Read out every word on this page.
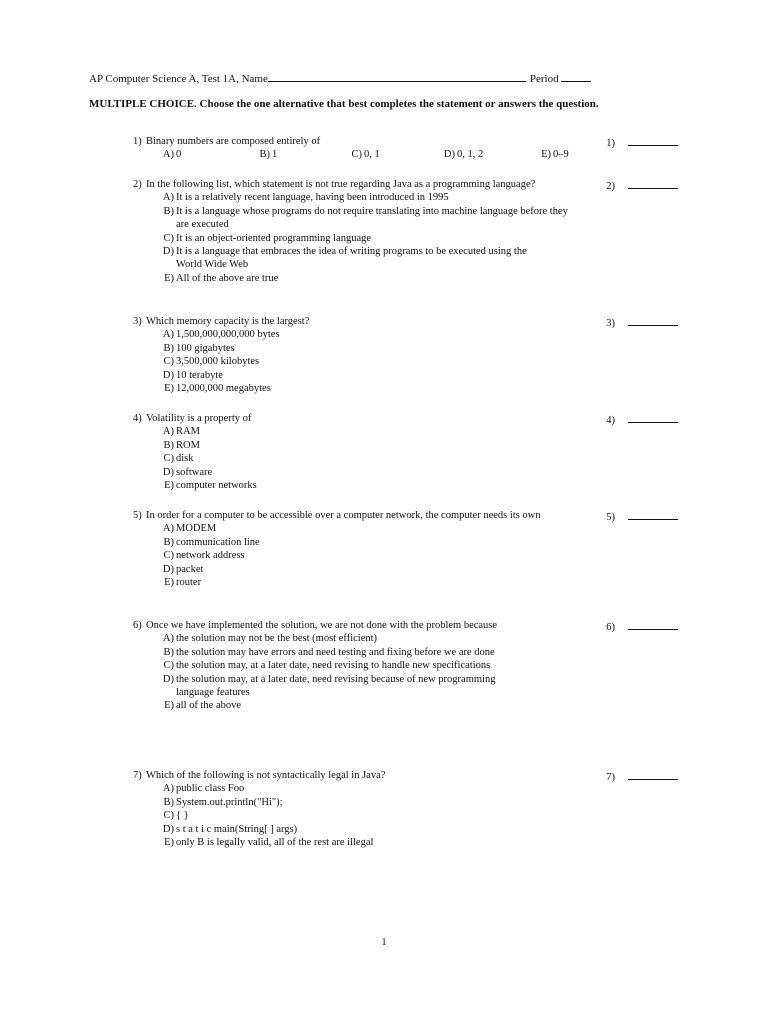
AP Computer Science A, Test 1A, Name	Period
MULTIPLE CHOICE. Choose the one alternative that best completes the statement or answers the question.
1) Binary numbers are composed entirely of	1)
A) 0	B) 1	C) 0, 1	D) 0, 1, 2	E) 0–9
2) In the following list, which statement is not true regarding Java as a programming language?	2)
A) It is a relatively recent language, having been introduced in 1995
B) It is a language whose programs do not require translating into machine language before they are executed
C) It is an object-oriented programming language
D) It is a language that embraces the idea of writing programs to be executed using the World Wide Web
E) All of the above are true
3) Which memory capacity is the largest?	3)
A) 1,500,000,000,000 bytes
B) 100 gigabytes
C) 3,500,000 kilobytes
D) 10 terabyte
E) 12,000,000 megabytes
4) Volatility is a property of	4)
A) RAM
B) ROM
C) disk
D) software
E) computer networks
5) In order for a computer to be accessible over a computer network, the computer needs its own	5)
A) MODEM
B) communication line
C) network address
D) packet
E) router
6) Once we have implemented the solution, we are not done with the problem because	6)
A) the solution may not be the best (most efficient)
B) the solution may have errors and need testing and fixing before we are done
C) the solution may, at a later date, need revising to handle new specifications
D) the solution may, at a later date, need revising because of new programming language features
E) all of the above
7) Which of the following is not syntactically legal in Java?	7)
A) public class Foo
B) System.out.println("Hi");
C) { }
D) s t a t i c main(String[ ] args)
E) only B is legally valid, all of the rest are illegal
1
